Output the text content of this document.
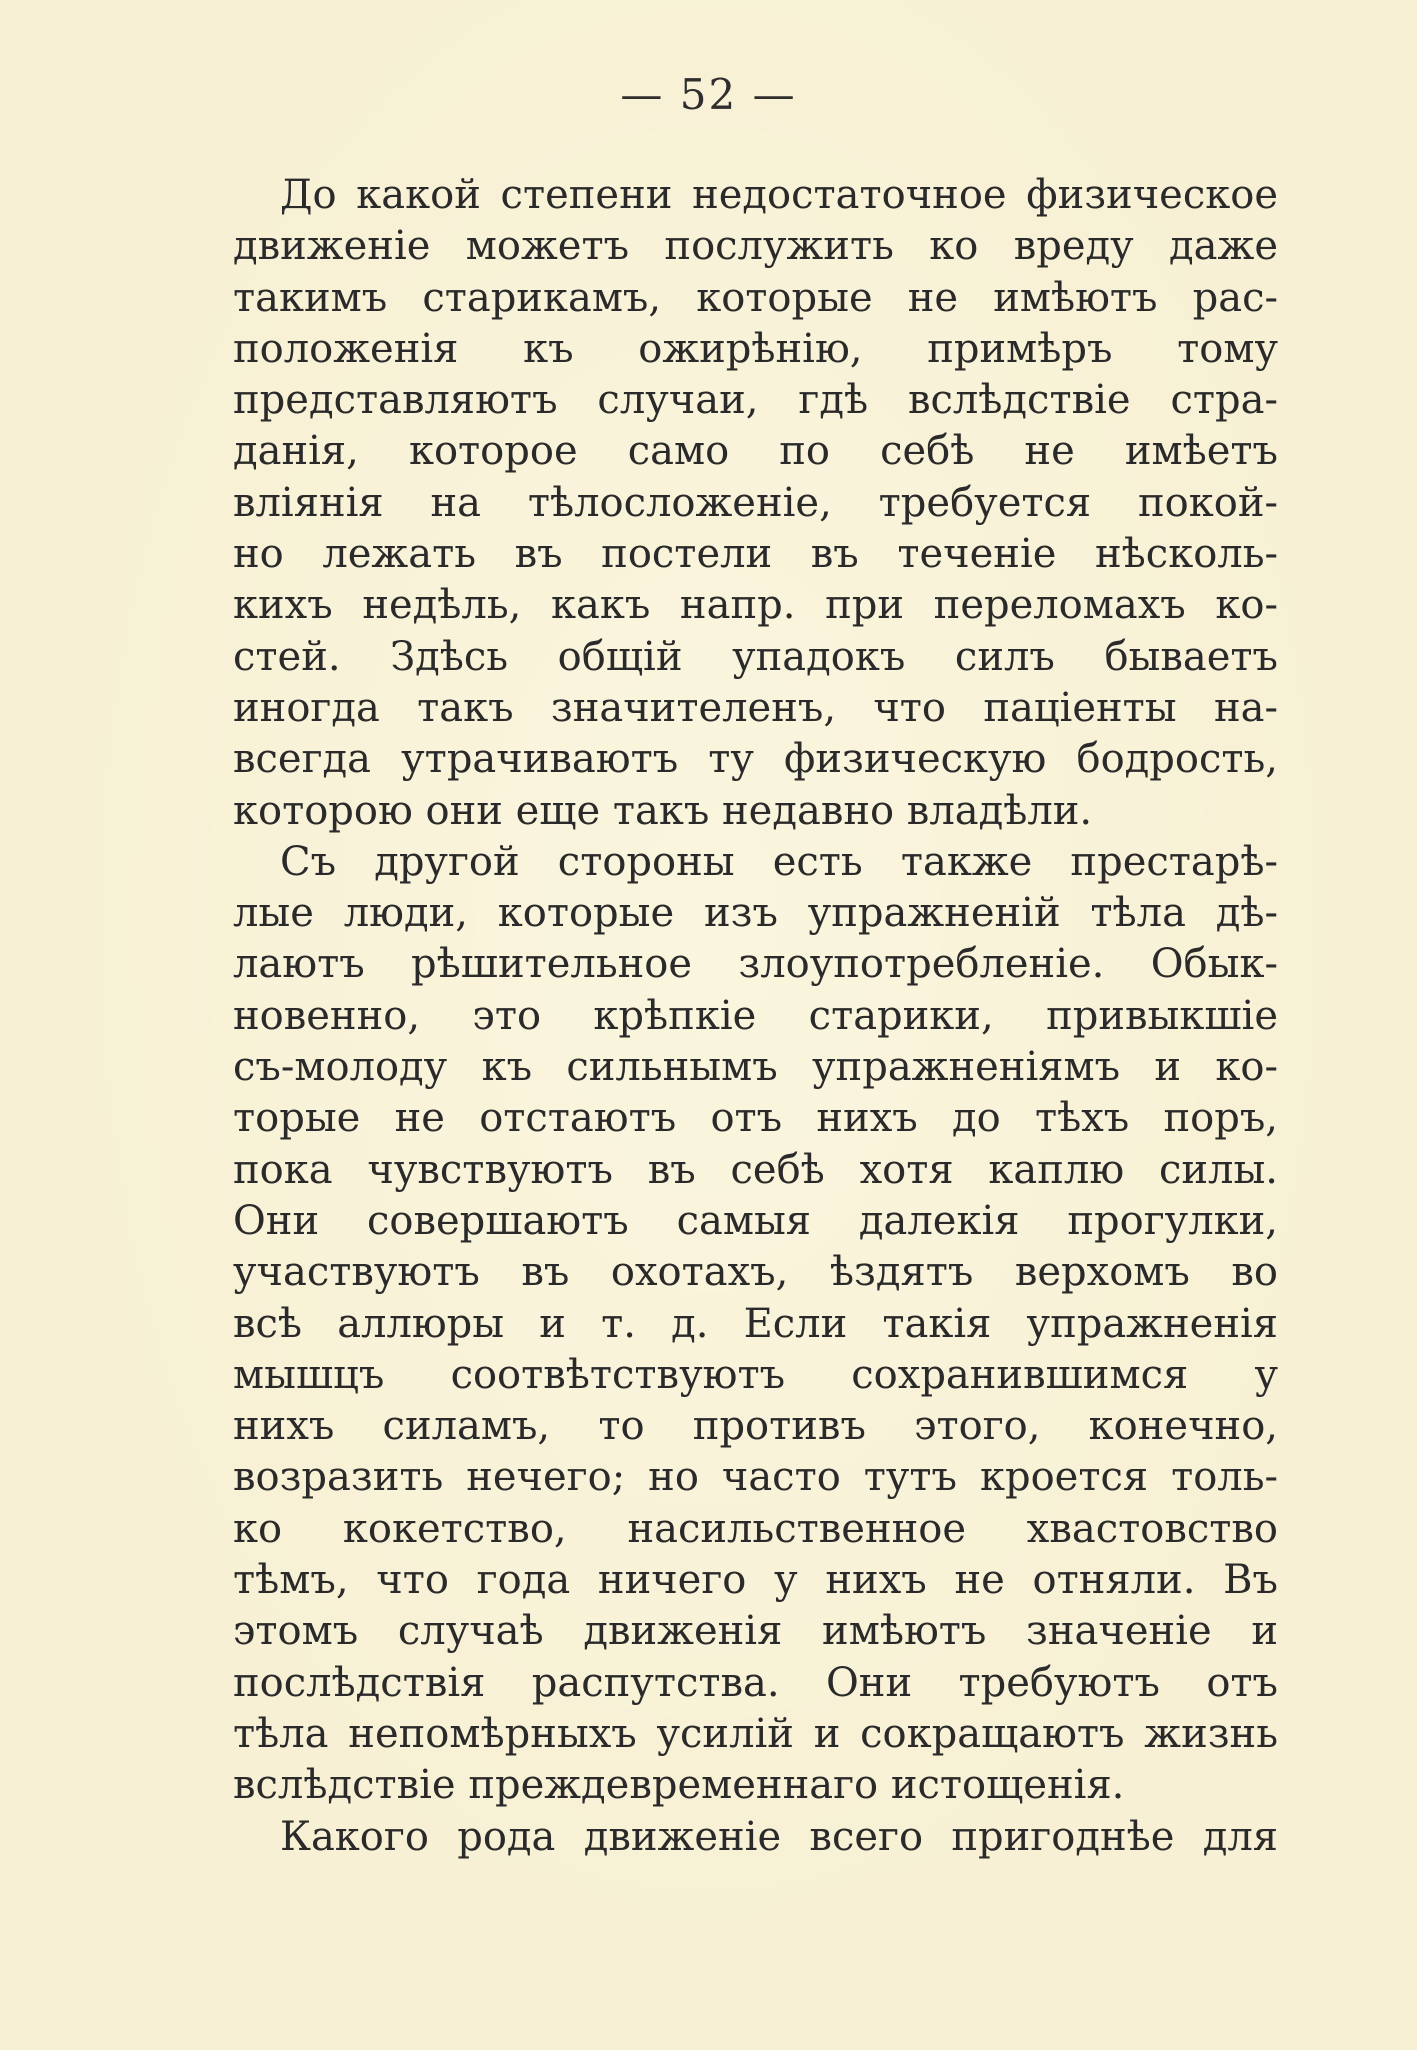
— 52 —
До какой степени недостаточное физическое
движеніе можетъ послужить ко вреду даже
такимъ старикамъ, которые не имѣютъ рас-
положенія къ ожирѣнію, примѣръ тому
представляютъ случаи, гдѣ вслѣдствіе стра-
данія, которое само по себѣ не имѣетъ
вліянія на тѣлосложеніе, требуется покой-
но лежать въ постели въ теченіе нѣсколь-
кихъ недѣль, какъ напр. при переломахъ ко-
стей. Здѣсь общій упадокъ силъ бываетъ
иногда такъ значителенъ, что паціенты на-
всегда утрачиваютъ ту физическую бодрость,
которою они еще такъ недавно владѣли.
Съ другой стороны есть также престарѣ-
лые люди, которые изъ упражненій тѣла дѣ-
лаютъ рѣшительное злоупотребленіе. Обык-
новенно, это крѣпкіе старики, привыкшіе
съ-молоду къ сильнымъ упражненіямъ и ко-
торые не отстаютъ отъ нихъ до тѣхъ поръ,
пока чувствуютъ въ себѣ хотя каплю силы.
Они совершаютъ самыя далекія прогулки,
участвуютъ въ охотахъ, ѣздятъ верхомъ во
всѣ аллюры и т. д. Если такія упражненія
мышцъ соотвѣтствуютъ сохранившимся у
нихъ силамъ, то противъ этого, конечно,
возразить нечего; но часто тутъ кроется толь-
ко кокетство, насильственное хвастовство
тѣмъ, что года ничего у нихъ не отняли. Въ
этомъ случаѣ движенія имѣютъ значеніе и
послѣдствія распутства. Они требуютъ отъ
тѣла непомѣрныхъ усилій и сокращаютъ жизнь
вслѣдствіе преждевременнаго истощенія.
Какого рода движеніе всего пригоднѣе для
